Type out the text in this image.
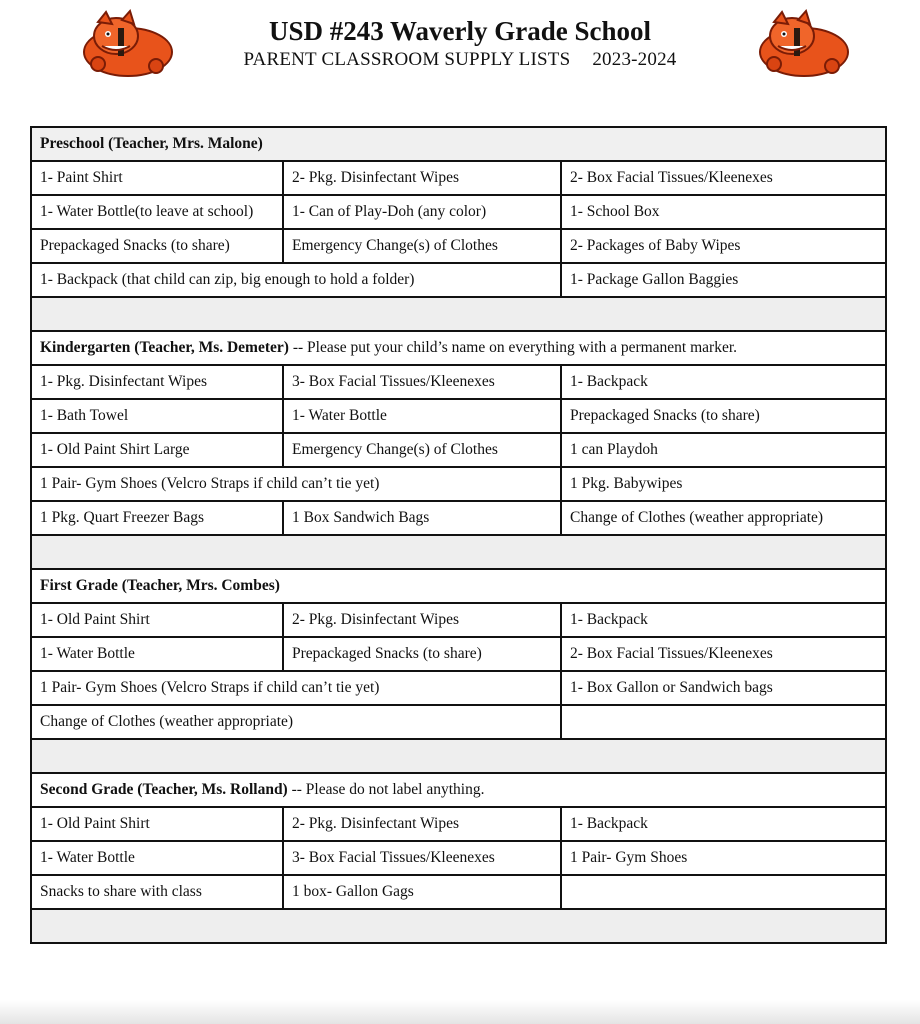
USD #243 Waverly Grade School
PARENT CLASSROOM SUPPLY LISTS 2023-2024
Preschool (Teacher, Mrs. Malone)		
1- Paint Shirt	2- Pkg. Disinfectant Wipes	2- Box Facial Tissues/Kleenexes
1- Water Bottle(to leave at school)	1- Can of Play-Doh (any color)	1- School Box
Prepackaged Snacks (to share)	Emergency Change(s) of Clothes	2- Packages of Baby Wipes
1- Backpack (that child can zip, big enough to hold a folder)		1- Package Gallon Baggies

Kindergarten (Teacher, Ms. Demeter) -- Please put your child’s name on everything with a permanent marker.		
1- Pkg. Disinfectant Wipes	3- Box Facial Tissues/Kleenexes	1- Backpack
1- Bath Towel	1- Water Bottle	Prepackaged Snacks (to share)
1- Old Paint Shirt Large	Emergency Change(s) of Clothes	1 can Playdoh
1 Pair- Gym Shoes (Velcro Straps if child can’t tie yet)		1 Pkg. Babywipes
1 Pkg. Quart Freezer Bags	1 Box Sandwich Bags	Change of Clothes (weather appropriate)

First Grade (Teacher, Mrs. Combes)		
1- Old Paint Shirt	2- Pkg. Disinfectant Wipes	1- Backpack
1- Water Bottle	Prepackaged Snacks (to share)	2- Box Facial Tissues/Kleenexes
1 Pair- Gym Shoes (Velcro Straps if child can’t tie yet)		1- Box Gallon or Sandwich bags
Change of Clothes (weather appropriate)		

Second Grade (Teacher, Ms. Rolland) -- Please do not label anything.		
1- Old Paint Shirt	2- Pkg. Disinfectant Wipes	1- Backpack
1- Water Bottle	3- Box Facial Tissues/Kleenexes	1 Pair- Gym Shoes
Snacks to share with class	1 box- Gallon Gags	
